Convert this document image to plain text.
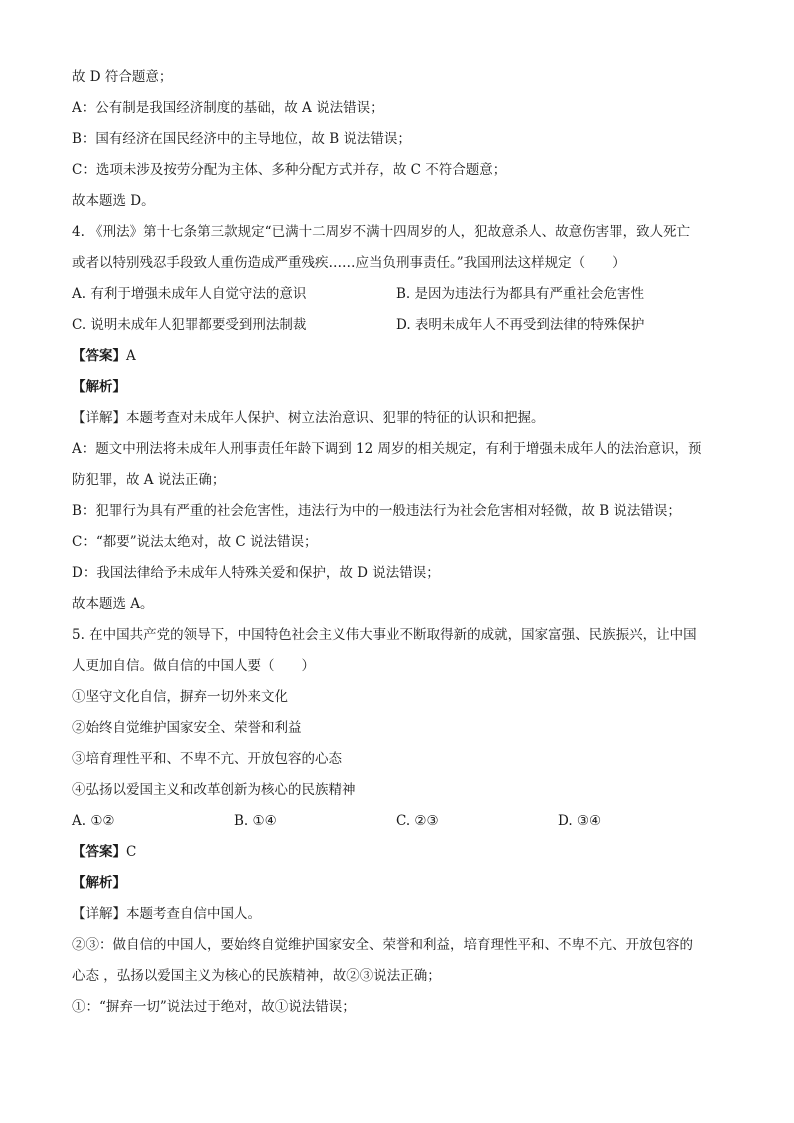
故 D 符合题意；
A：公有制是我国经济制度的基础，故 A 说法错误；
B：国有经济在国民经济中的主导地位，故 B 说法错误；
C：选项未涉及按劳分配为主体、多种分配方式并存，故 C 不符合题意；
故本题选 D。
4. 《刑法》第十七条第三款规定“已满十二周岁不满十四周岁的人，犯故意杀人、故意伤害罪，致人死亡
或者以特别残忍手段致人重伤造成严重残疾……应当负刑事责任。”我国刑法这样规定（　　）
A. 有利于增强未成年人自觉守法的意识	B. 是因为违法行为都具有严重社会危害性
C. 说明未成年人犯罪都要受到刑法制裁	D. 表明未成年人不再受到法律的特殊保护
【答案】A
【解析】
【详解】本题考查对未成年人保护、树立法治意识、犯罪的特征的认识和把握。
A：题文中刑法将未成年人刑事责任年龄下调到 12 周岁的相关规定，有利于增强未成年人的法治意识，预
防犯罪，故 A 说法正确；
B：犯罪行为具有严重的社会危害性，违法行为中的一般违法行为社会危害相对轻微，故 B 说法错误；
C：“都要”说法太绝对，故 C 说法错误；
D：我国法律给予未成年人特殊关爱和保护，故 D 说法错误；
故本题选 A。
5. 在中国共产党的领导下，中国特色社会主义伟大事业不断取得新的成就，国家富强、民族振兴，让中国
人更加自信。做自信的中国人要（　　）
①坚守文化自信，摒弃一切外来文化
②始终自觉维护国家安全、荣誉和利益
③培育理性平和、不卑不亢、开放包容的心态
④弘扬以爱国主义和改革创新为核心的民族精神
A. ①②	B. ①④	C. ②③	D. ③④
【答案】C
【解析】
【详解】本题考查自信中国人。
②③：做自信的中国人，要始终自觉维护国家安全、荣誉和利益，培育理性平和、不卑不亢、开放包容的
心态 ，弘扬以爱国主义为核心的民族精神，故②③说法正确；
①：“摒弃一切”说法过于绝对，故①说法错误；
